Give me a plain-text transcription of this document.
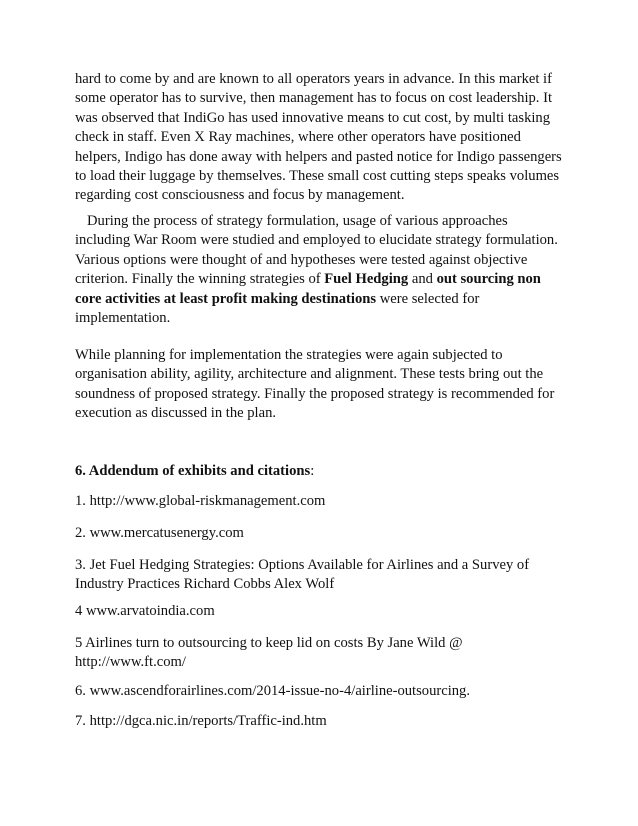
hard to come by and are known to all operators years in advance. In this market if
some operator has to survive, then management has to focus on cost leadership. It
was observed that IndiGo has used innovative means to cut cost, by multi tasking
check in staff. Even X Ray machines, where other operators have positioned
helpers, Indigo has done away with helpers and pasted notice for Indigo passengers
to load their luggage by themselves. These small cost cutting steps speaks volumes
regarding cost consciousness and focus by management.
During the process of strategy formulation, usage of various approaches
including War Room were studied and employed to elucidate strategy formulation.
Various options were thought of and hypotheses were tested against objective
criterion. Finally the winning strategies of Fuel Hedging and out sourcing non
core activities at least profit making destinations were selected for
implementation.
While planning for implementation the strategies were again subjected to
organisation ability, agility, architecture and alignment. These tests bring out the
soundness of proposed strategy. Finally the proposed strategy is recommended for
execution as discussed in the plan.
6. Addendum of exhibits and citations:
1. http://www.global-riskmanagement.com
2. www.mercatusenergy.com
3. Jet Fuel Hedging Strategies: Options Available for Airlines and a Survey of
Industry Practices Richard Cobbs Alex Wolf
4 www.arvatoindia.com
5 Airlines turn to outsourcing to keep lid on costs By Jane Wild @
http://www.ft.com/
6. www.ascendforairlines.com/2014-issue-no-4/airline-outsourcing.
7. http://dgca.nic.in/reports/Traffic-ind.htm
